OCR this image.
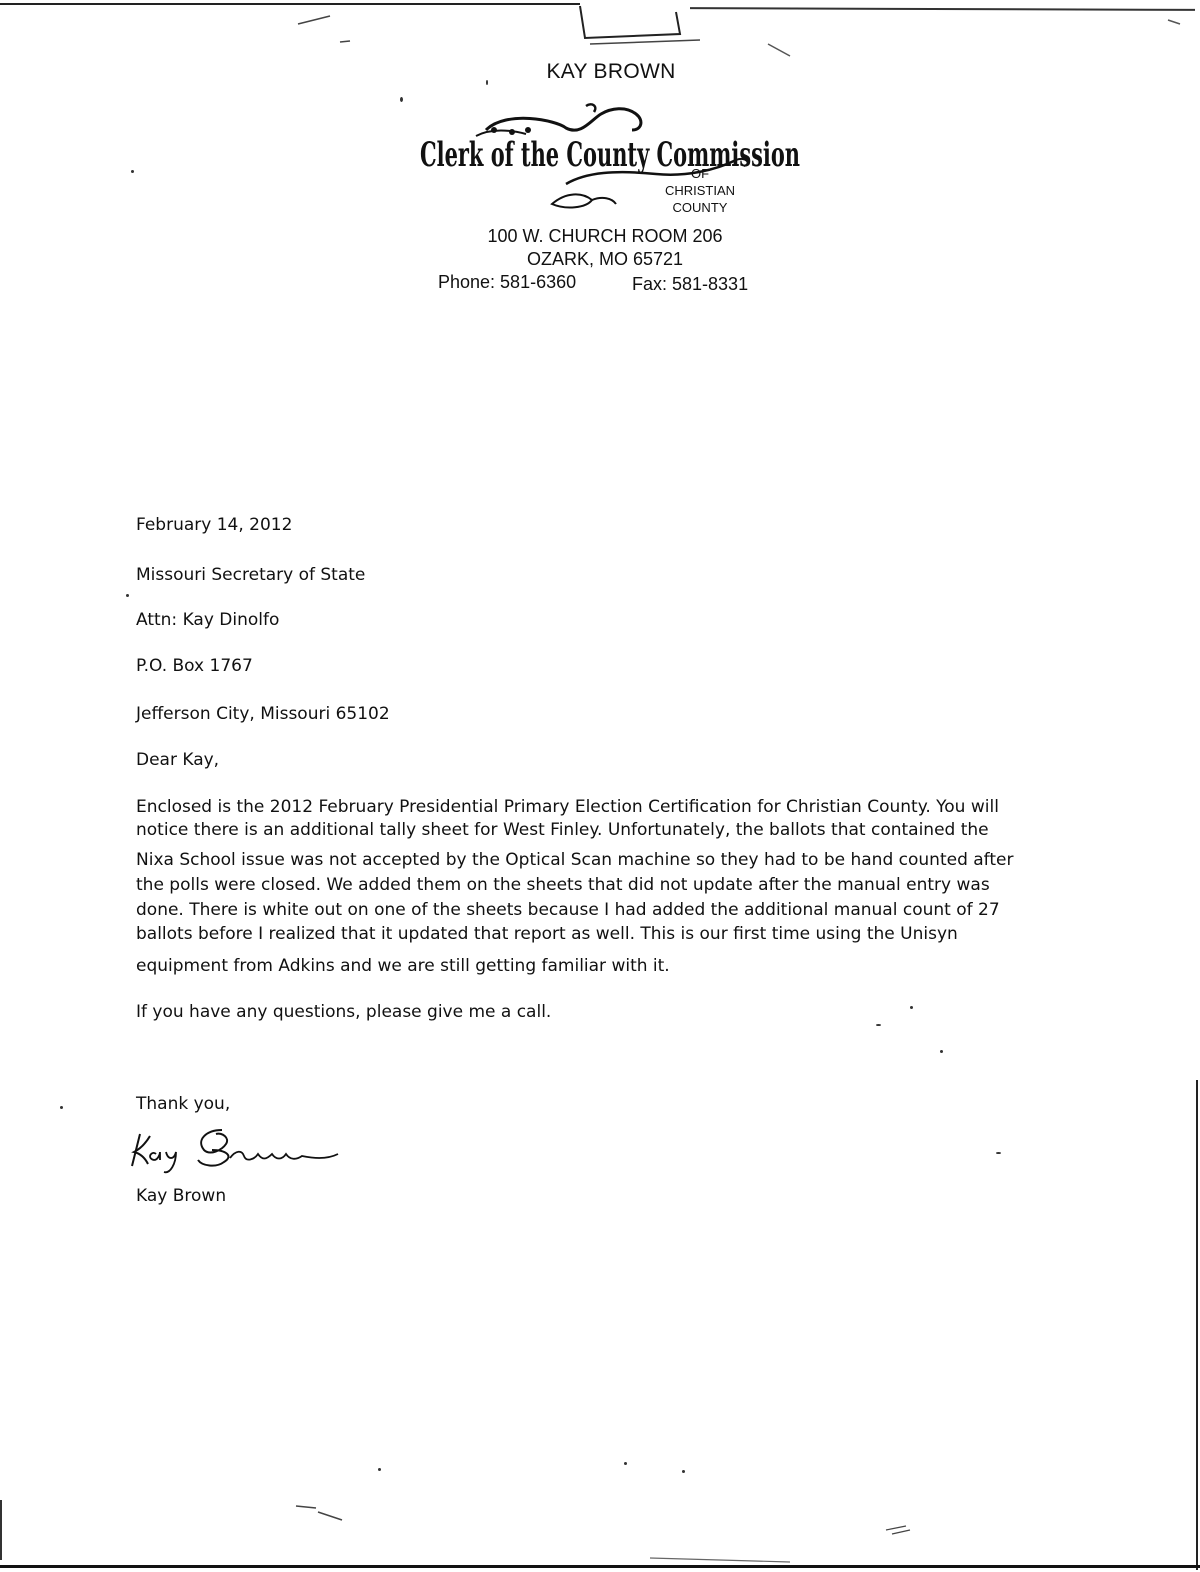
KAY BROWN
Clerk of the County Commission
OF
CHRISTIAN
COUNTY
100 W. CHURCH ROOM 206
OZARK, MO 65721
Phone: 581-6360	Fax: 581-8331
February 14, 2012
Missouri Secretary of State
Attn: Kay Dinolfo
P.O. Box 1767
Jefferson City, Missouri 65102
Dear Kay,
Enclosed is the 2012 February Presidential Primary Election Certification for Christian County. You will
notice there is an additional tally sheet for West Finley. Unfortunately, the ballots that contained the
Nixa School issue was not accepted by the Optical Scan machine so they had to be hand counted after
the polls were closed. We added them on the sheets that did not update after the manual entry was
done. There is white out on one of the sheets because I had added the additional manual count of 27
ballots before I realized that it updated that report as well. This is our first time using the Unisyn
equipment from Adkins and we are still getting familiar with it.
If you have any questions, please give me a call.
Thank you,
Kay Brown
Kay Brown
